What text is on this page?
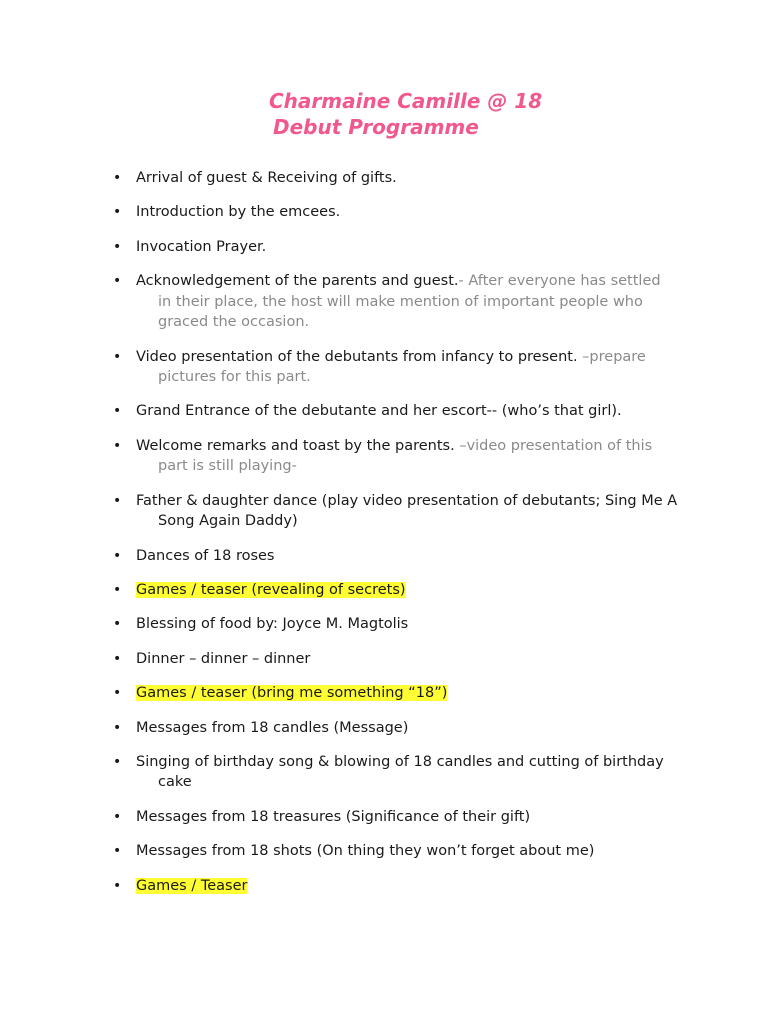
Charmaine Camille @ 18
Debut Programme
• Arrival of guest & Receiving of gifts.
• Introduction by the emcees.
• Invocation Prayer.
• Acknowledgement of the parents and guest.- After everyone has settled in their place, the host will make mention of important people who graced the occasion.
• Video presentation of the debutants from infancy to present. –prepare pictures for this part.
• Grand Entrance of the debutante and her escort-- (who’s that girl).
• Welcome remarks and toast by the parents. –video presentation of this part is still playing-
• Father & daughter dance (play video presentation of debutants; Sing Me A Song Again Daddy)
• Dances of 18 roses
• Games / teaser (revealing of secrets)
• Blessing of food by: Joyce M. Magtolis
• Dinner – dinner – dinner
• Games / teaser (bring me something “18”)
• Messages from 18 candles (Message)
• Singing of birthday song & blowing of 18 candles and cutting of birthday cake
• Messages from 18 treasures (Significance of their gift)
• Messages from 18 shots (On thing they won’t forget about me)
• Games / Teaser
